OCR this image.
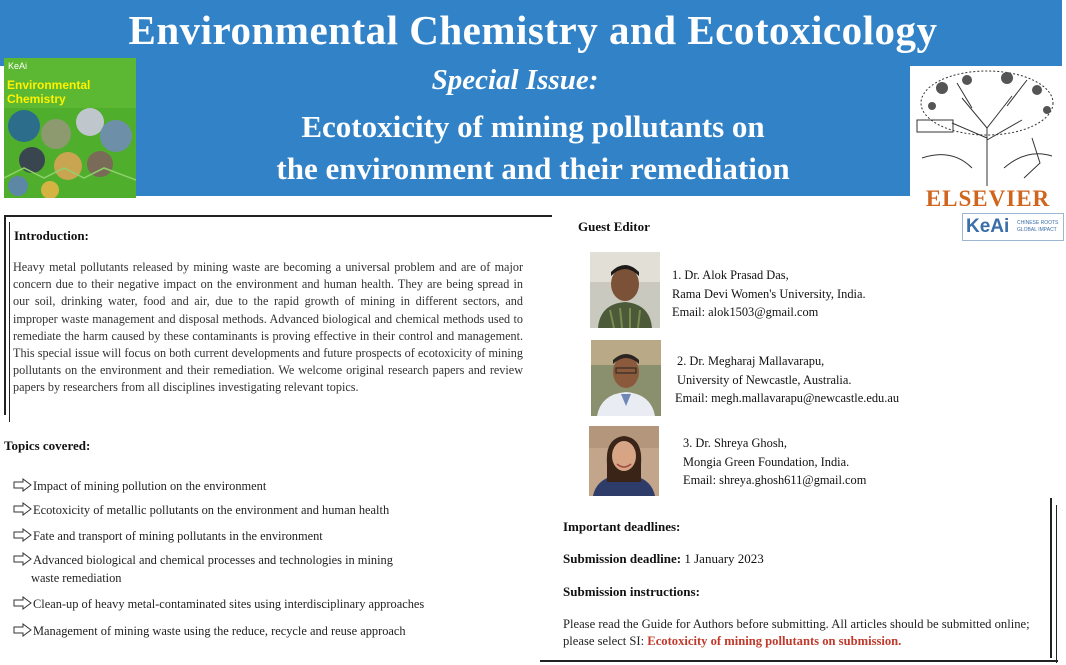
Environmental Chemistry and Ecotoxicology
Special Issue:
Ecotoxicity of mining pollutants on
the environment and their remediation
KeAi
Environmental Chemistry
ELSEVIER
KeAi CHINESE ROOTS GLOBAL IMPACT
Introduction:
Heavy metal pollutants released by mining waste are becoming a universal problem and are of major concern due to their negative impact on the environment and human health. They are being spread in our soil, drinking water, food and air, due to the rapid growth of mining in different sectors, and improper waste management and disposal methods. Advanced biological and chemical methods used to remediate the harm caused by these contaminants is proving effective in their control and management. This special issue will focus on both current developments and future prospects of ecotoxicity of mining pollutants on the environment and their remediation. We welcome original research papers and review papers by researchers from all disciplines investigating relevant topics.
Topics covered:
Impact of mining pollution on the environment
Ecotoxicity of metallic pollutants on the environment and human health
Fate and transport of mining pollutants in the environment
Advanced biological and chemical processes and technologies in mining
waste remediation
Clean-up of heavy metal-contaminated sites using interdisciplinary approaches
Management of mining waste using the reduce, recycle and reuse approach
Guest Editor
1. Dr. Alok Prasad Das,
Rama Devi Women's University, India.
Email: alok1503@gmail.com
2. Dr. Megharaj Mallavarapu,
University of Newcastle, Australia.
Email: megh.mallavarapu@newcastle.edu.au
3. Dr. Shreya Ghosh,
Mongia Green Foundation, India.
Email: shreya.ghosh611@gmail.com
Important deadlines:
Submission deadline: 1 January 2023
Submission instructions:
Please read the Guide for Authors before submitting. All articles should be submitted online; please select SI: Ecotoxicity of mining pollutants on submission.
